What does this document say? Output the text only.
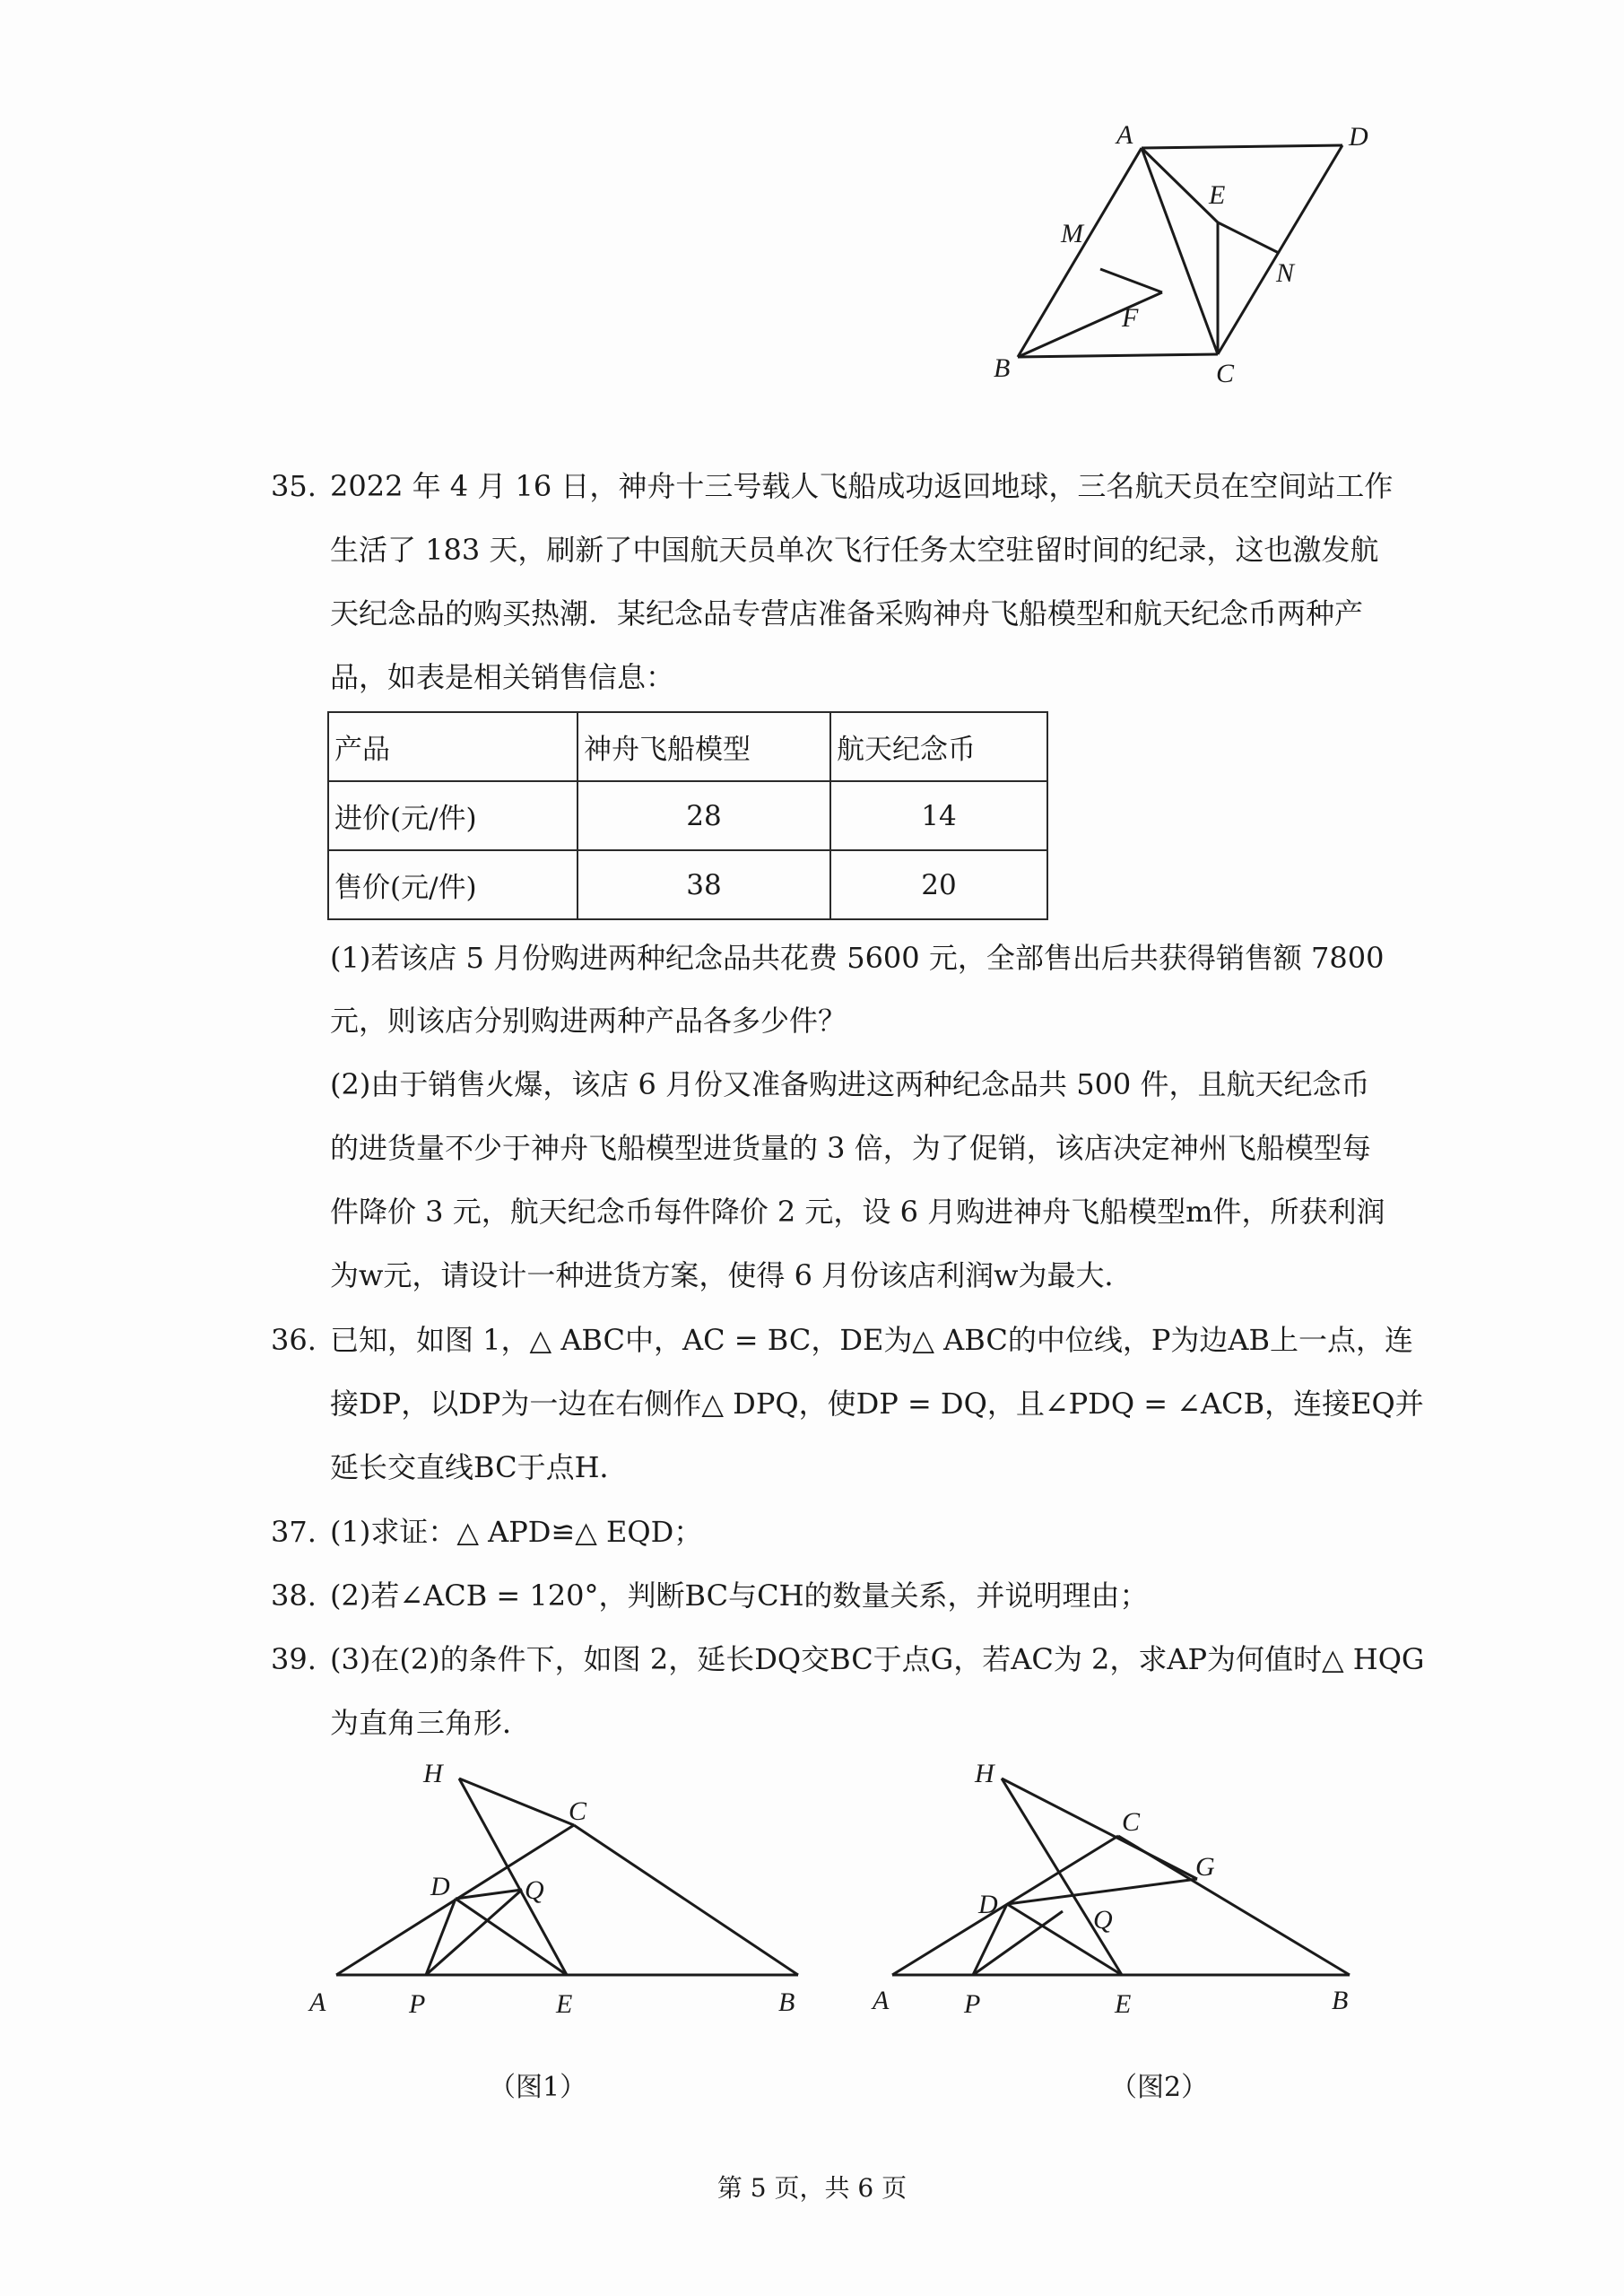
A	D
E
M
N
F
B	C
35. 2022 年 4 月 16 日，神舟十三号载人飞船成功返回地球，三名航天员在空间站工作
生活了 183 天，刷新了中国航天员单次飞行任务太空驻留时间的纪录，这也激发航
天纪念品的购买热潮．某纪念品专营店准备采购神舟飞船模型和航天纪念币两种产
品，如表是相关销售信息：
产品	神舟飞船模型	航天纪念币
进价(元/件)	28	14
售价(元/件)	38	20
(1)若该店 5 月份购进两种纪念品共花费 5600 元，全部售出后共获得销售额 7800
元，则该店分别购进两种产品各多少件？
(2)由于销售火爆，该店 6 月份又准备购进这两种纪念品共 500 件，且航天纪念币
的进货量不少于神舟飞船模型进货量的 3 倍，为了促销，该店决定神州飞船模型每
件降价 3 元，航天纪念币每件降价 2 元，设 6 月购进神舟飞船模型m件，所获利润
为w元，请设计一种进货方案，使得 6 月份该店利润w为最大．
36. 已知，如图 1，△ ABC中，AC = BC，DE为△ ABC的中位线，P为边AB上一点，连
接DP，以DP为一边在右侧作△ DPQ，使DP = DQ，且∠PDQ = ∠ACB，连接EQ并
延长交直线BC于点H．
37. (1)求证：△ APD≌△ EQD；
38. (2)若∠ACB = 120°，判断BC与CH的数量关系，并说明理由；
39. (3)在(2)的条件下，如图 2，延长DQ交BC于点G，若AC为 2，求AP为何值时△ HQG
为直角三角形．
H
C
D	Q
A	P	E	B
（图1）
H
C
G
D
Q
A	P	E	B
（图2）
第 5 页，共 6 页
